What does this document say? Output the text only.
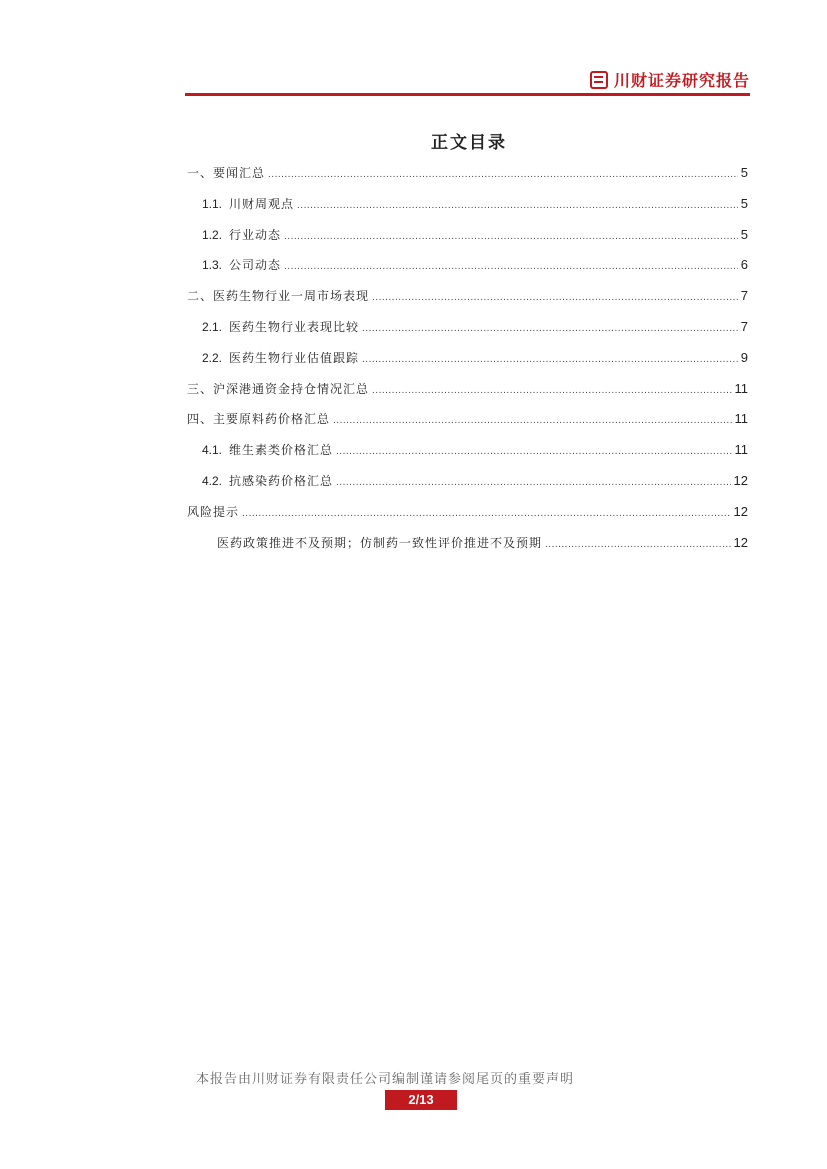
川财证券研究报告
正文目录
一、要闻汇总 .....	5
1.1. 川财周观点 .....	5
1.2. 行业动态 .....	5
1.3. 公司动态 .....	6
二、医药生物行业一周市场表现 .....	7
2.1. 医药生物行业表现比较 .....	7
2.2. 医药生物行业估值跟踪 .....	9
三、沪深港通资金持仓情况汇总 .....	11
四、主要原料药价格汇总 .....	11
4.1. 维生素类价格汇总 .....	11
4.2. 抗感染药价格汇总 .....	12
风险提示 .....	12
医药政策推进不及预期；仿制药一致性评价推进不及预期 .....	12
本报告由川财证券有限责任公司编制谨请参阅尾页的重要声明
2/13
